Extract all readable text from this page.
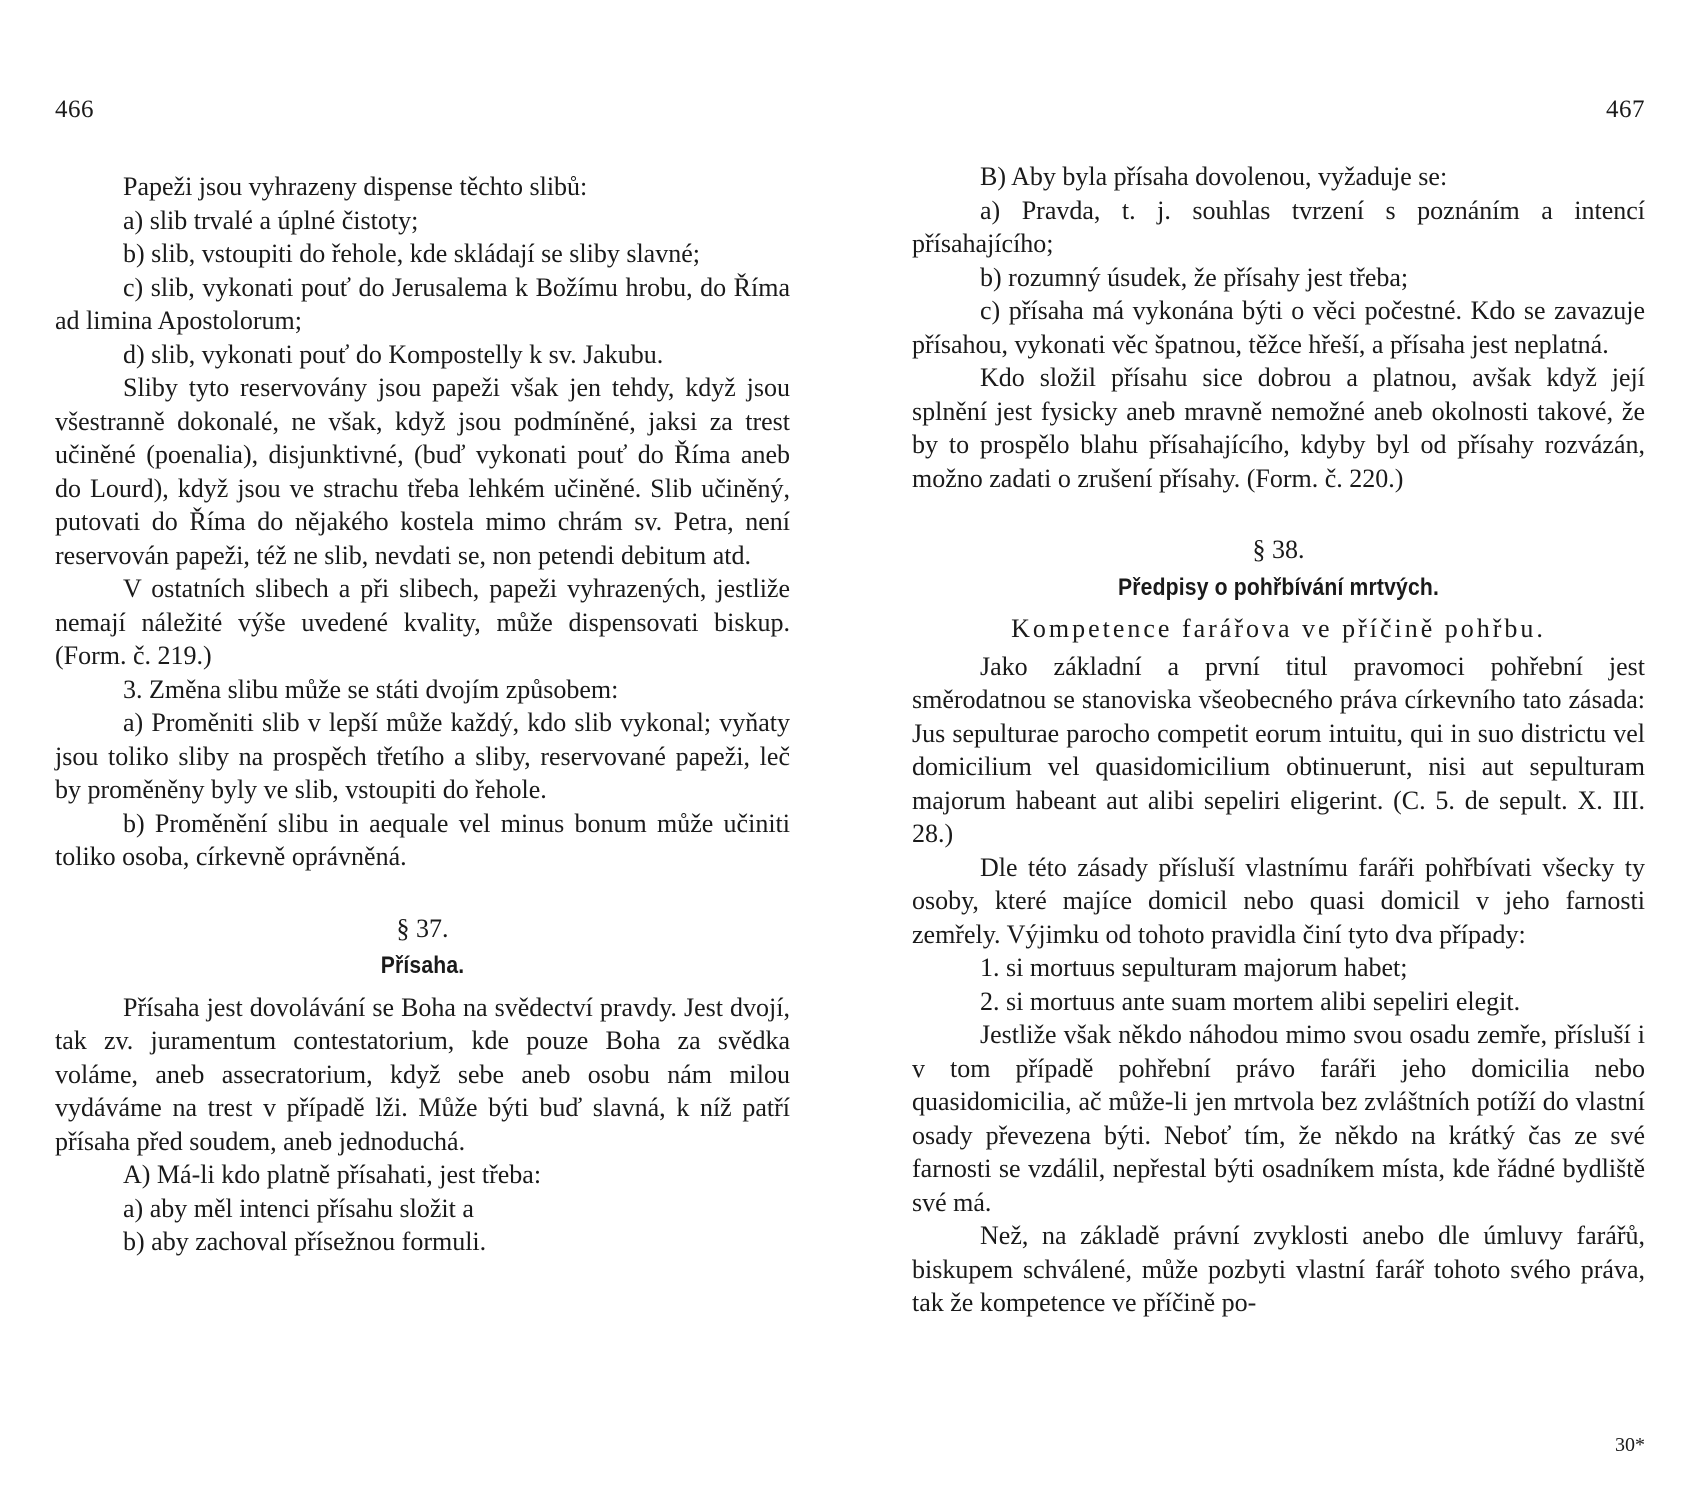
466

Papeži jsou vyhrazeny dispense těchto slibů:

a) slib trvalé a úplné čistoty;

b) slib, vstoupiti do řehole, kde skládají se sliby slavné;

c) slib, vykonati pouť do Jerusalema k Božímu hrobu, do Říma ad limina Apostolorum;

d) slib, vykonati pouť do Kompostelly k sv. Jakubu.

Sliby tyto reservovány jsou papeži však jen tehdy, když jsou všestranně dokonalé, ne však, když jsou podmíněné, jaksi za trest učiněné (poenalia), disjunktivné, (buď vykonati pouť do Říma aneb do Lourd), když jsou ve strachu třeba lehkém učiněné. Slib učiněný, putovati do Říma do nějakého kostela mimo chrám sv. Petra, není reservován papeži, též ne slib, nevdati se, non petendi debitum atd.

V ostatních slibech a při slibech, papeži vyhrazených, jestliže nemají náležité výše uvedené kvality, může dispensovati biskup. (Form. č. 219.)

3. Změna slibu může se státi dvojím způsobem:

a) Proměniti slib v lepší může každý, kdo slib vykonal; vyňaty jsou toliko sliby na prospěch třetího a sliby, reservované papeži, leč by proměněny byly ve slib, vstoupiti do řehole.

b) Proměnění slibu in aequale vel minus bonum může učiniti toliko osoba, církevně oprávněná.

§ 37.
Přísaha.

Přísaha jest dovolávání se Boha na svědectví pravdy. Jest dvojí, tak zv. juramentum contestatorium, kde pouze Boha za svědka voláme, aneb assecratorium, když sebe aneb osobu nám milou vydáváme na trest v případě lži. Může býti buď slavná, k níž patří přísaha před soudem, aneb jednoduchá.

A) Má-li kdo platně přísahati, jest třeba:

a) aby měl intenci přísahu složit a

b) aby zachoval přísežnou formuli.

467

B) Aby byla přísaha dovolenou, vyžaduje se:

a) Pravda, t. j. souhlas tvrzení s poznáním a intencí přísahajícího;

b) rozumný úsudek, že přísahy jest třeba;

c) přísaha má vykonána býti o věci počestné. Kdo se zavazuje přísahou, vykonati věc špatnou, těžce hřeší, a přísaha jest neplatná.

Kdo složil přísahu sice dobrou a platnou, avšak když její splnění jest fysicky aneb mravně nemožné aneb okolnosti takové, že by to prospělo blahu přísahajícího, kdyby byl od přísahy rozvázán, možno zadati o zrušení přísahy. (Form. č. 220.)

§ 38.
Předpisy o pohřbívání mrtvých.
Kompetence farářova ve příčině pohřbu.

Jako základní a první titul pravomoci pohřební jest směrodatnou se stanoviska všeobecného práva církevního tato zásada: Jus sepulturae parocho competit eorum intuitu, qui in suo districtu vel domicilium vel quasidomicilium obtinuerunt, nisi aut sepulturam majorum habeant aut alibi sepeliri eligerint. (C. 5. de sepult. X. III. 28.)

Dle této zásady přísluší vlastnímu faráři pohřbívati všecky ty osoby, které majíce domicil nebo quasi domicil v jeho farnosti zemřely. Výjimku od tohoto pravidla činí tyto dva případy:

1. si mortuus sepulturam majorum habet;

2. si mortuus ante suam mortem alibi sepeliri elegit.

Jestliže však někdo náhodou mimo svou osadu zemře, přísluší i v tom případě pohřební právo faráři jeho domicilia nebo quasidomicilia, ač může-li jen mrtvola bez zvláštních potíží do vlastní osady převezena býti. Neboť tím, že někdo na krátký čas ze své farnosti se vzdálil, nepřestal býti osadníkem místa, kde řádné bydliště své má.

Než, na základě právní zvyklosti anebo dle úmluvy farářů, biskupem schválené, může pozbyti vlastní farář tohoto svého práva, tak že kompetence ve příčině po-

30*
